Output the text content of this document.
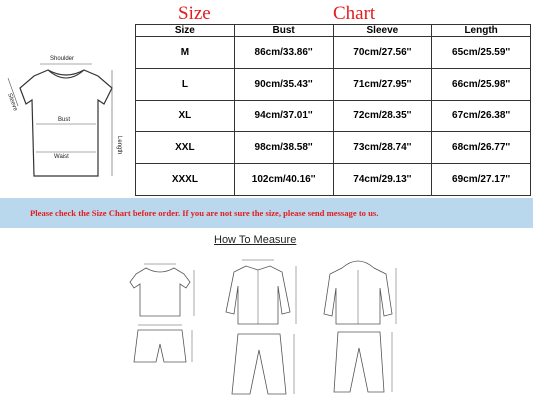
Size	Chart
Shoulder
Bust
Waist
Length
Sleeve
Size	Bust	Sleeve	Length
M	86cm/33.86''	70cm/27.56''	65cm/25.59''
L	90cm/35.43''	71cm/27.95''	66cm/25.98''
XL	94cm/37.01''	72cm/28.35''	67cm/26.38''
XXL	98cm/38.58''	73cm/28.74''	68cm/26.77''
XXXL	102cm/40.16''	74cm/29.13''	69cm/27.17''
Please check the Size Chart before order. If you are not sure the size, please send message to us.
How To Measure
